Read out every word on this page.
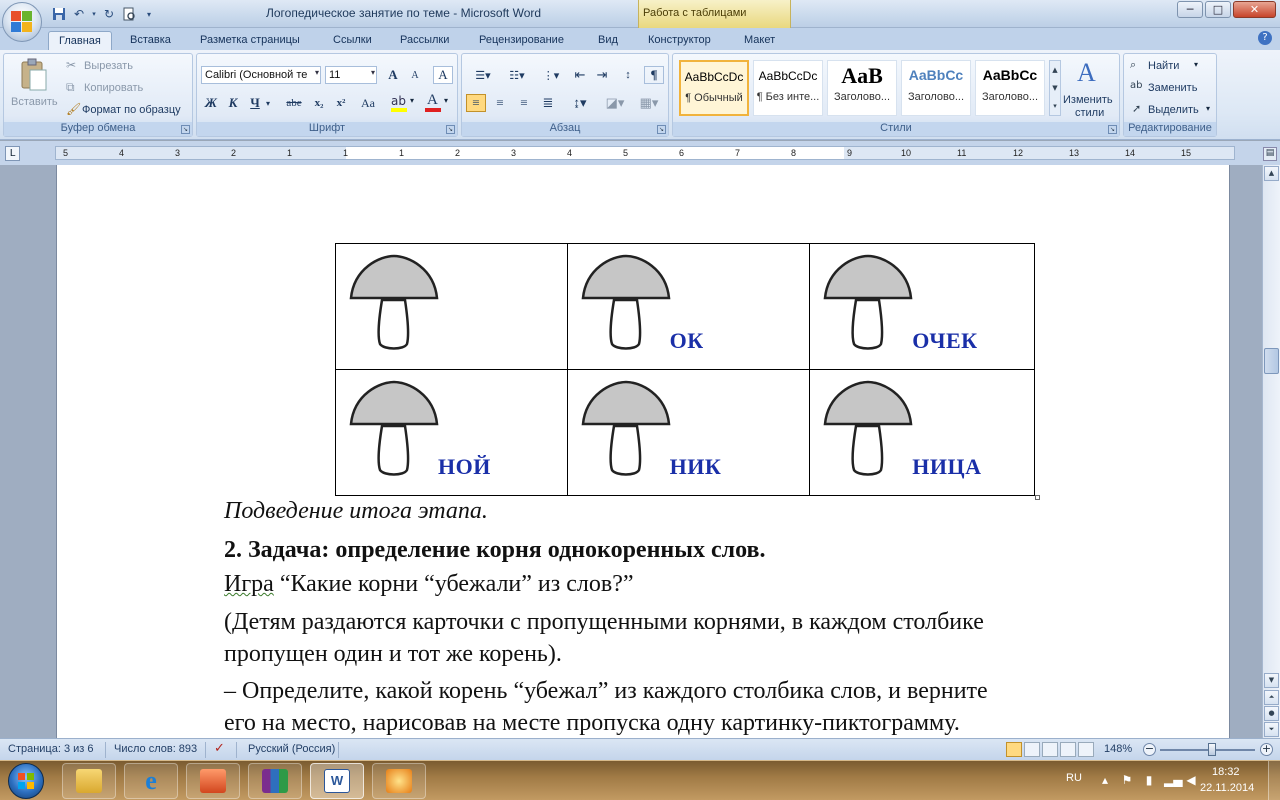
↶	▾ ↻	▾	Логопедическое занятие по теме - Microsoft Word	Работа с таблицами	─	□	✕
Главная	Вставка	Разметка страницы	Ссылки	Рассылки	Рецензирование	Вид	Конструктор	Макет	?
Вставить
✂ Вырезать
⧉ Копировать
🖌 Формат по образцу
Буфер обмена	↘
Calibri (Основной те ▾ 11	▾	A	A	A
Ж К Ч ▾	abe	x₂	x²	Aa	ab ▾ A ▾
Шрифт	↘
☰▾	☷▾	⋮▾	⇤ ⇥	↕	¶
≡	≡	≡	≣	↨▾	◪▾	▦▾
Абзац	↘
AaBbCcDc
¶ Обычный
AaBbCcDc
¶ Без инте...
AaB
Заголово...
AaBbCc
Заголово...
AaBbCc
Заголово...
▲
▼
▾
A
Изменить
стили
Стили	↘
⌕ Найти ▾
ab Заменить
➚ Выделить ▾
Редактирование
L	5	4	3	2	1	1	1	2	3	4	5	6	7	8	9	10	11	12	13	14	15	▤

ОК	ОЧЕК

НОЙ	НИК	НИЦА
Подведение итога этапа.
2. Задача: определение корня однокоренных слов.
Игра “Какие корни “убежали” из слов?”
(Детям раздаются карточки с пропущенными корнями, в каждом столбике
пропущен один и тот же корень).
– Определите, какой корень “убежал” из каждого столбика слов, и верните
его на место, нарисовав на месте пропуска одну картинку-пиктограмму.
▲
▼
⏶
●
⏷
Страница: 3 из 6 Число слов: 893 ✓ Русский (Россия)	148% −	+
e	W	RU	▴	⚑	▮ ▂▄ ◀
18:32
22.11.2014
